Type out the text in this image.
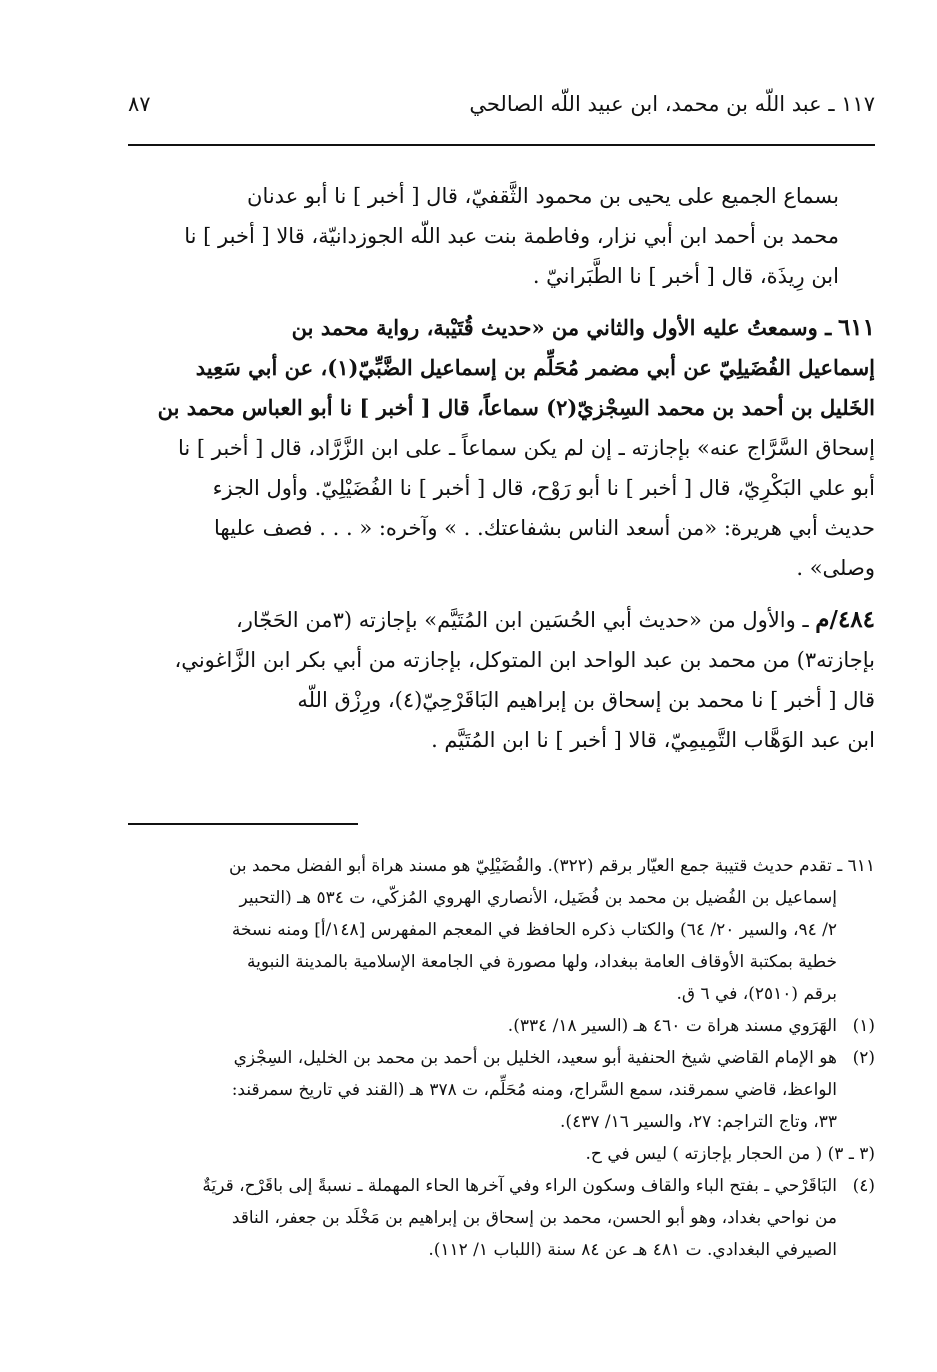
١١٧ ـ عبد اللّه بن محمد، ابن عبيد اللّه الصالحي
٨٧

بسماع الجميع على يحيى بن محمود الثَّقفيّ، قال [ أخبر ] نا أبو عدنان

محمد بن أحمد ابن أبي نزار، وفاطمة بنت عبد اللّه الجوزدانيّة، قالا [ أخبر ] نا

ابن رِيذَة، قال [ أخبر ] نا الطَّبَرانيّ .

٦١١ ـ وسمعتُ عليه الأول والثاني من «حديث قُتَيْبة، رواية محمد بن

إسماعيل الفُضَيلِيّ عن أبي مضمر مُحَلِّم بن إسماعيل الضَّبِّيّ(١)، عن أبي سَعِيد

الخَليل بن أحمد بن محمد السِجْزيّ(٢) سماعاً، قال [ أخبر ] نا أبو العباس محمد بن

إسحاق السَّرَّاج عنه» بإجازته ـ إن لم يكن سماعاً ـ على ابن الزَّرَّاد، قال [ أخبر ] نا

أبو علي البَكْرِيّ، قال [ أخبر ] نا أبو رَوْح، قال [ أخبر ] نا الفُضَيْلِيّ. وأول الجزء

حديث أبي هريرة: «من أسعد الناس بشفاعتك. . » وآخره: « . . . فصف عليها

وصلى» .

٤٨٤/م ـ والأول من «حديث أبي الحُسَين ابن المُتَيَّم» بإجازته (٣من الحَجّار،

بإجازته٣) من محمد بن عبد الواحد ابن المتوكل، بإجازته من أبي بكر ابن الزَّاغوني،

قال [ أخبر ] نا محمد بن إسحاق بن إبراهيم البَاقَرْحِيّ(٤)، ورِزْق اللّه

ابن عبد الوَهَّاب التَّمِيمِيّ، قالا [ أخبر ] نا ابن المُتَيَّم .

٦١١ ـ تقدم حديث قتيبة جمع العيّار برقم (٣٢٢). والفُضَيْلِيّ هو مسند هراة أبو الفضل محمد بن

إسماعيل بن الفُضيل بن محمد بن فُضَيل، الأنصاري الهروي المُزكّي، ت ٥٣٤ هـ (التحبير

٢/ ٩٤، والسير ٢٠/ ٦٤) والكتاب ذكره الحافظ في المعجم المفهرس [١٤٨/أ] ومنه نسخة

خطية بمكتبة الأوقاف العامة ببغداد، ولها مصورة في الجامعة الإسلامية بالمدينة النبوية

برقم (٢٥١٠)، في ٦ ق.

(١)الهَرَوي مسند هراة ت ٤٦٠ هـ (السير ١٨/ ٣٣٤).

(٢)هو الإمام القاضي شيخ الحنفية أبو سعيد، الخليل بن أحمد بن محمد بن الخليل، السِجْزي

الواعظ، قاضي سمرقند، سمع السَّراج، ومنه مُحَلِّم، ت ٣٧٨ هـ (القند في تاريخ سمرقند:

٣٣، وتاج التراجم: ٢٧، والسير ١٦/ ٤٣٧).

(٣ ـ ٣) ( من الحجار بإجازته ) ليس في ح.

(٤)البَاقَرْحي ـ بفتح الباء والقاف وسكون الراء وفي آخرها الحاء المهملة ـ نسبةً إلى باقَرْح، قريَةٌ

من نواحي بغداد، وهو أبو الحسن، محمد بن إسحاق بن إبراهيم بن مَخْلَد بن جعفر، الناقد

الصيرفي البغدادي. ت ٤٨١ هـ عن ٨٤ سنة (اللباب ١/ ١١٢).
